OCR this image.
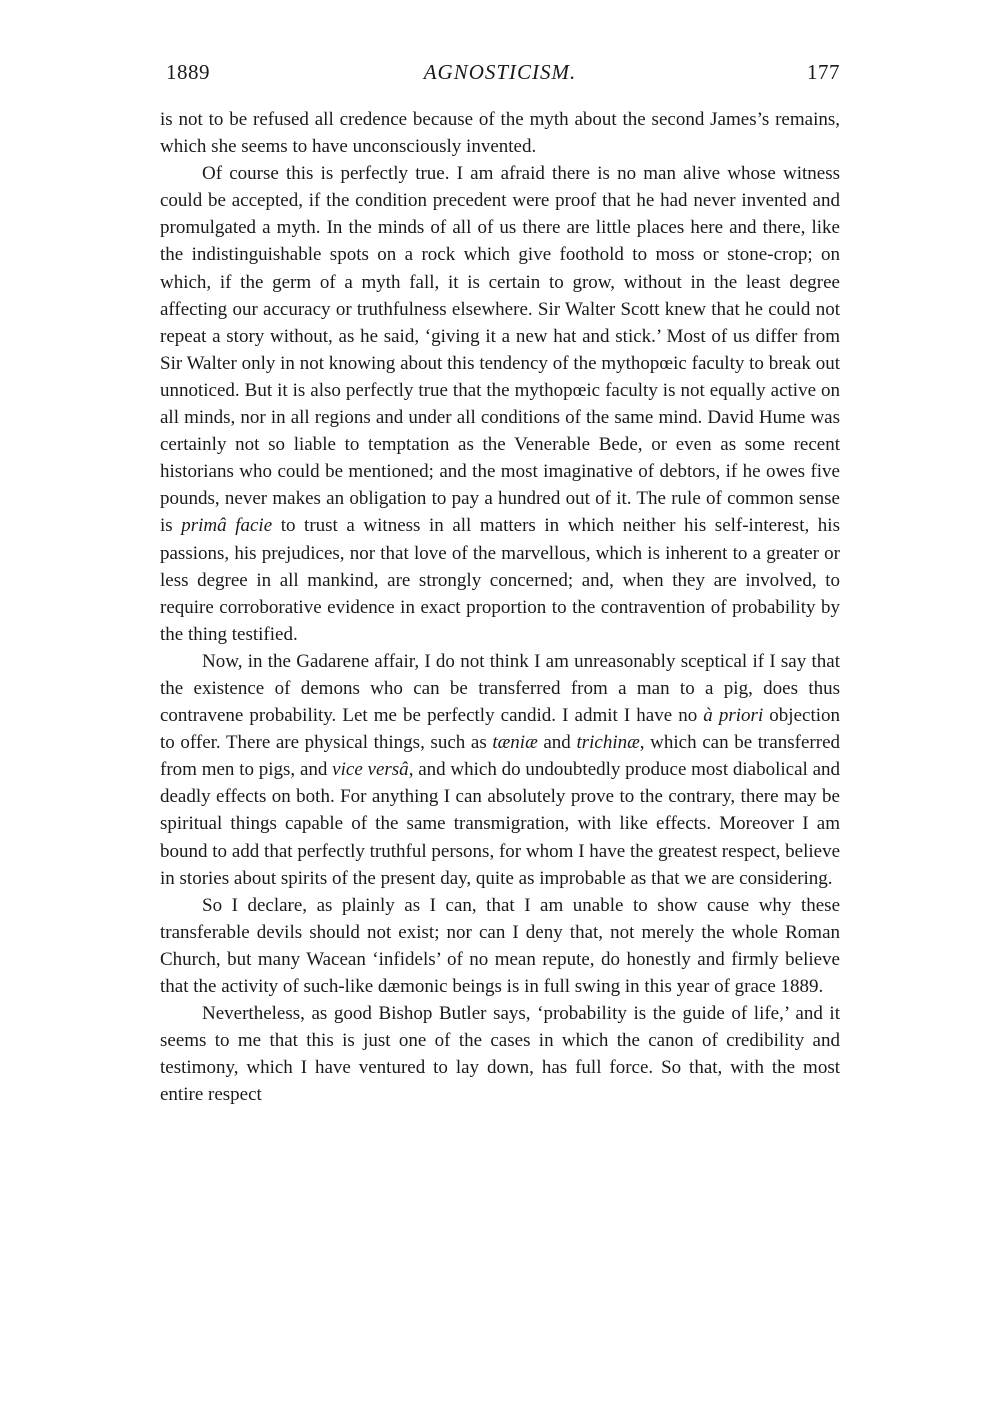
1889	AGNOSTICISM.	177

is not to be refused all credence because of the myth about the second James’s remains, which she seems to have unconsciously invented.

Of course this is perfectly true. I am afraid there is no man alive whose witness could be accepted, if the condition precedent were proof that he had never invented and promulgated a myth. In the minds of all of us there are little places here and there, like the indistinguishable spots on a rock which give foothold to moss or stone-crop; on which, if the germ of a myth fall, it is certain to grow, without in the least degree affecting our accuracy or truthfulness elsewhere. Sir Walter Scott knew that he could not repeat a story without, as he said, ‘giving it a new hat and stick.’ Most of us differ from Sir Walter only in not knowing about this tendency of the mythopœic faculty to break out unnoticed. But it is also perfectly true that the mythopœic faculty is not equally active on all minds, nor in all regions and under all conditions of the same mind. David Hume was certainly not so liable to temptation as the Venerable Bede, or even as some recent historians who could be mentioned; and the most imaginative of debtors, if he owes five pounds, never makes an obligation to pay a hundred out of it. The rule of common sense is primâ facie to trust a witness in all matters in which neither his self-interest, his passions, his prejudices, nor that love of the marvellous, which is inherent to a greater or less degree in all mankind, are strongly concerned; and, when they are involved, to require corroborative evidence in exact proportion to the contravention of probability by the thing testified.

Now, in the Gadarene affair, I do not think I am unreasonably sceptical if I say that the existence of demons who can be transferred from a man to a pig, does thus contravene probability. Let me be perfectly candid. I admit I have no à priori objection to offer. There are physical things, such as tæniæ and trichinæ, which can be transferred from men to pigs, and vice versâ, and which do undoubtedly produce most diabolical and deadly effects on both. For anything I can absolutely prove to the contrary, there may be spiritual things capable of the same transmigration, with like effects. Moreover I am bound to add that perfectly truthful persons, for whom I have the greatest respect, believe in stories about spirits of the present day, quite as improbable as that we are considering.

So I declare, as plainly as I can, that I am unable to show cause why these transferable devils should not exist; nor can I deny that, not merely the whole Roman Church, but many Wacean ‘infidels’ of no mean repute, do honestly and firmly believe that the activity of such-like dæmonic beings is in full swing in this year of grace 1889.

Nevertheless, as good Bishop Butler says, ‘probability is the guide of life,’ and it seems to me that this is just one of the cases in which the canon of credibility and testimony, which I have ventured to lay down, has full force. So that, with the most entire respect
